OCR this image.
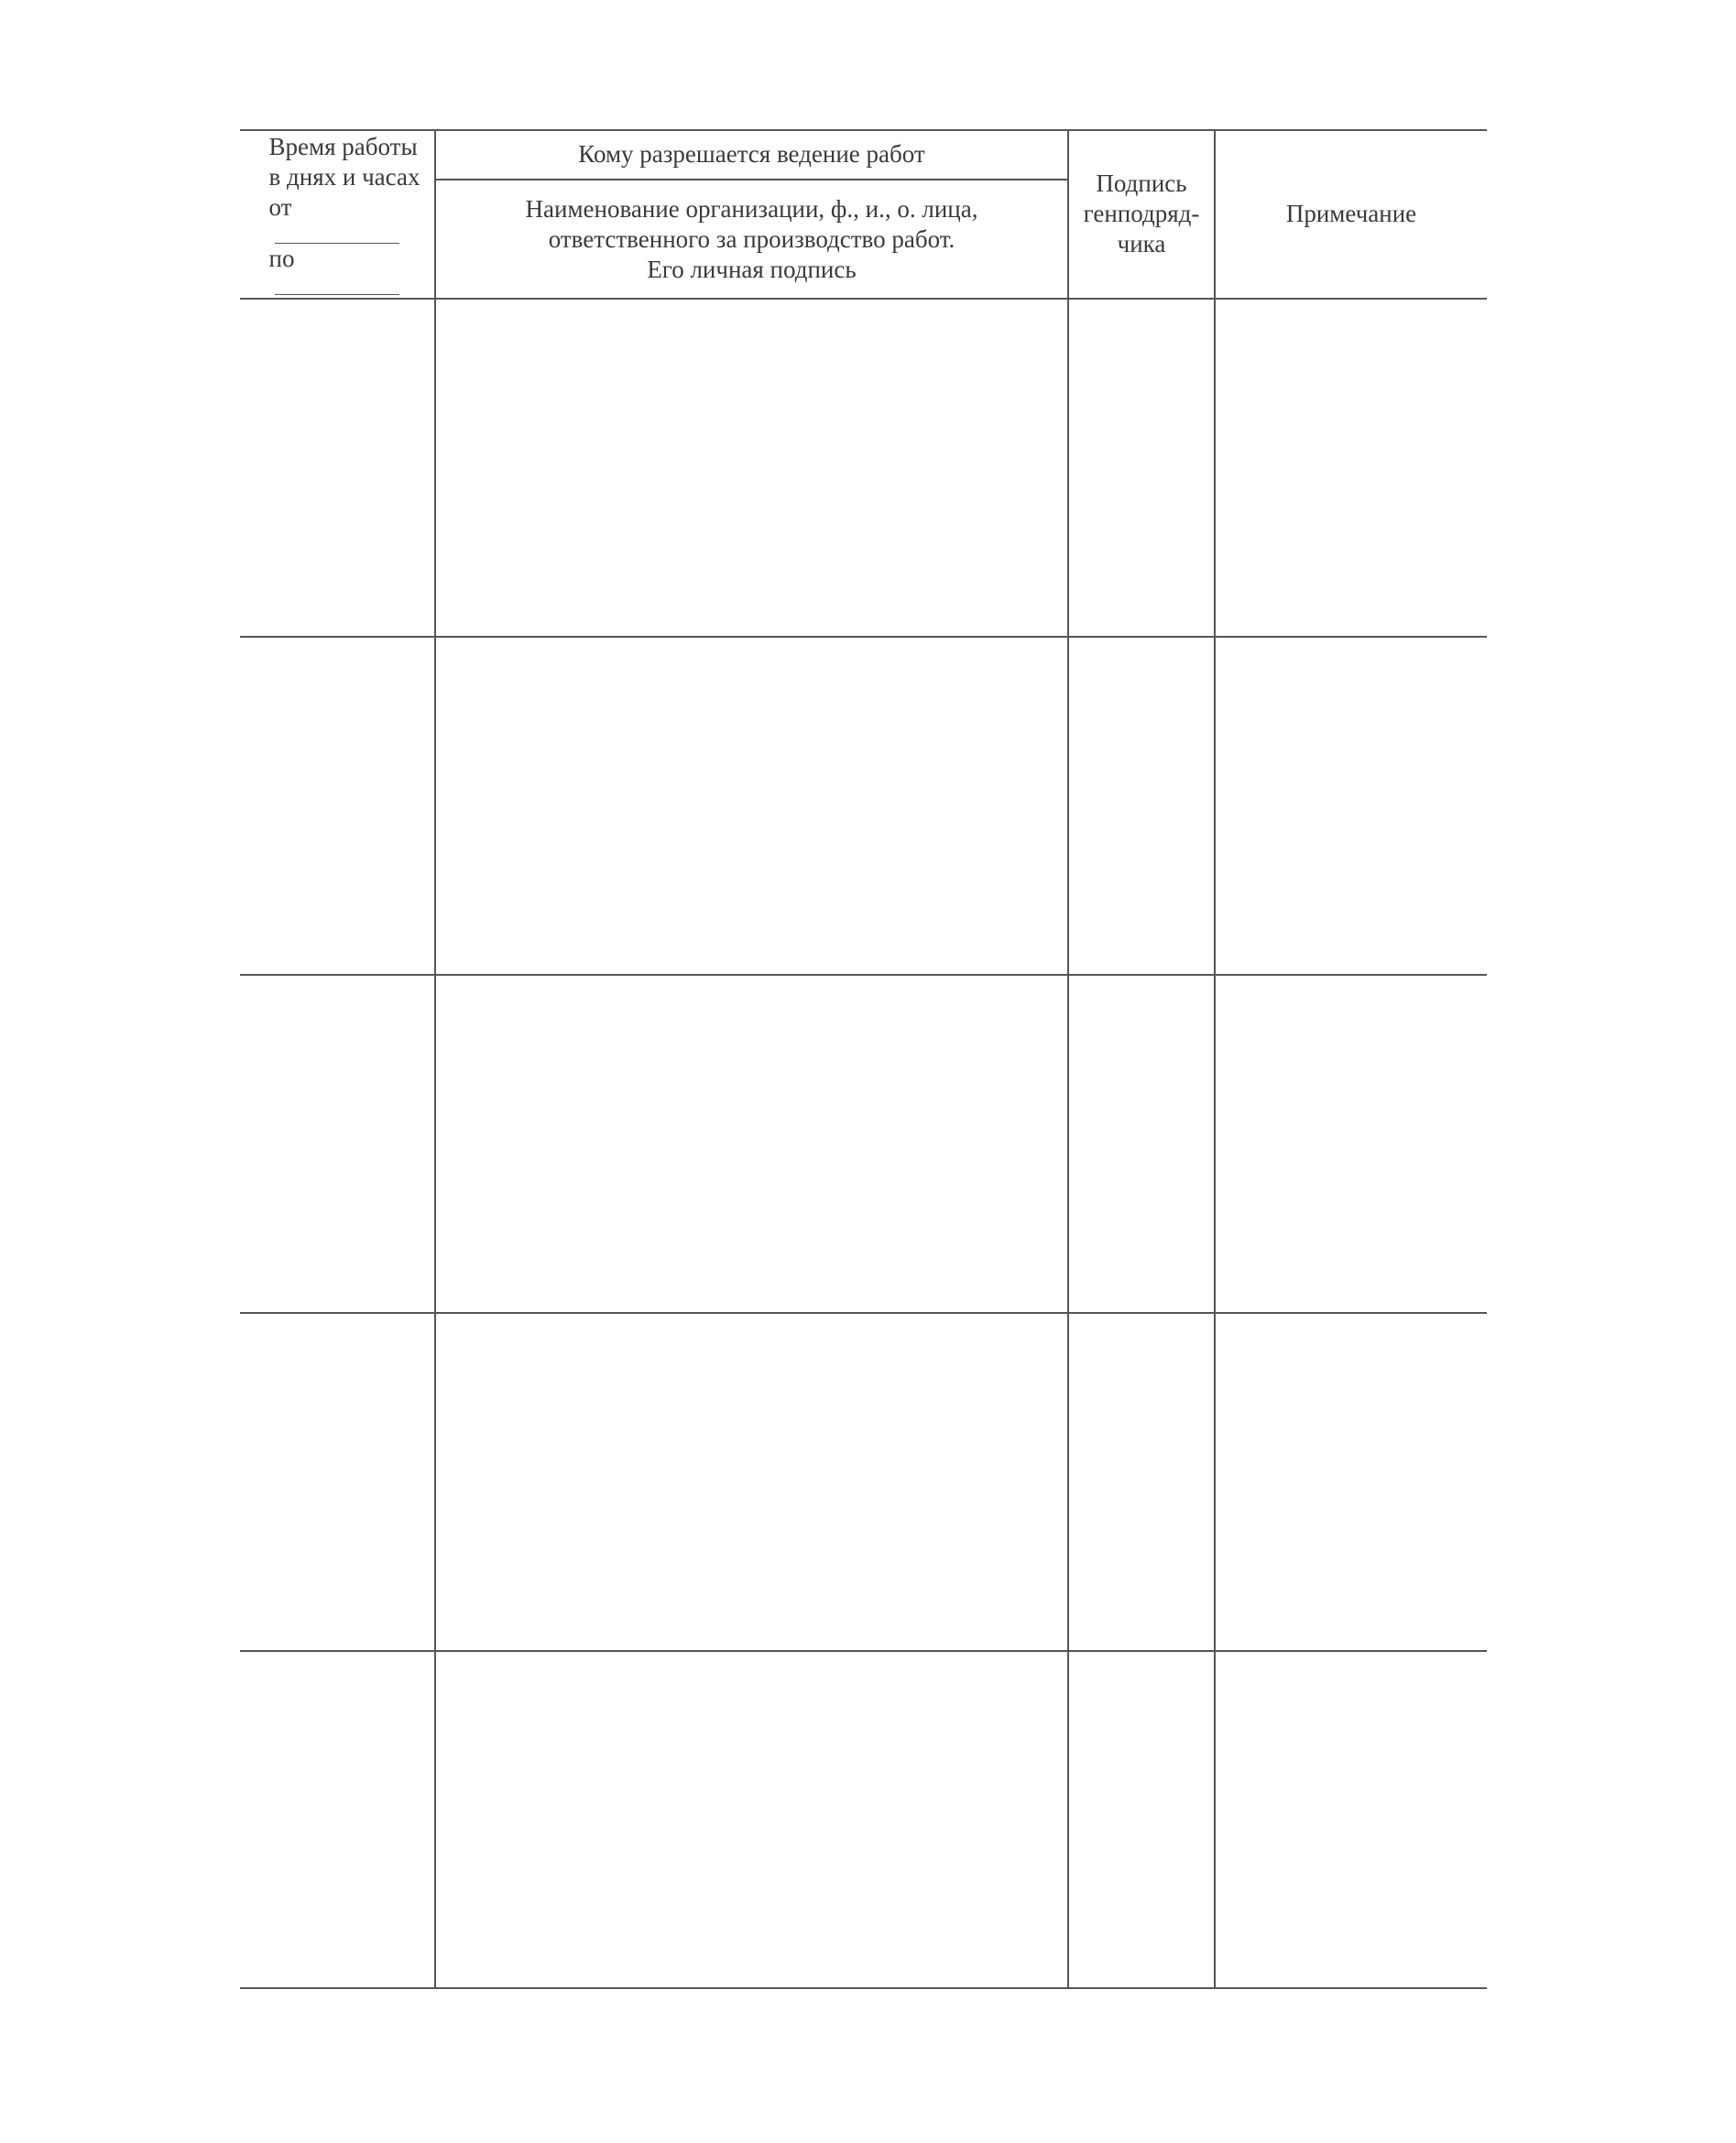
Время работы
в днях и часах
от
по
Кому разрешается ведение работ
Наименование организации, ф., и., о. лица,
ответственного за производство работ.
Его личная подпись
Подпись
генподряд-
чика
Примечание
